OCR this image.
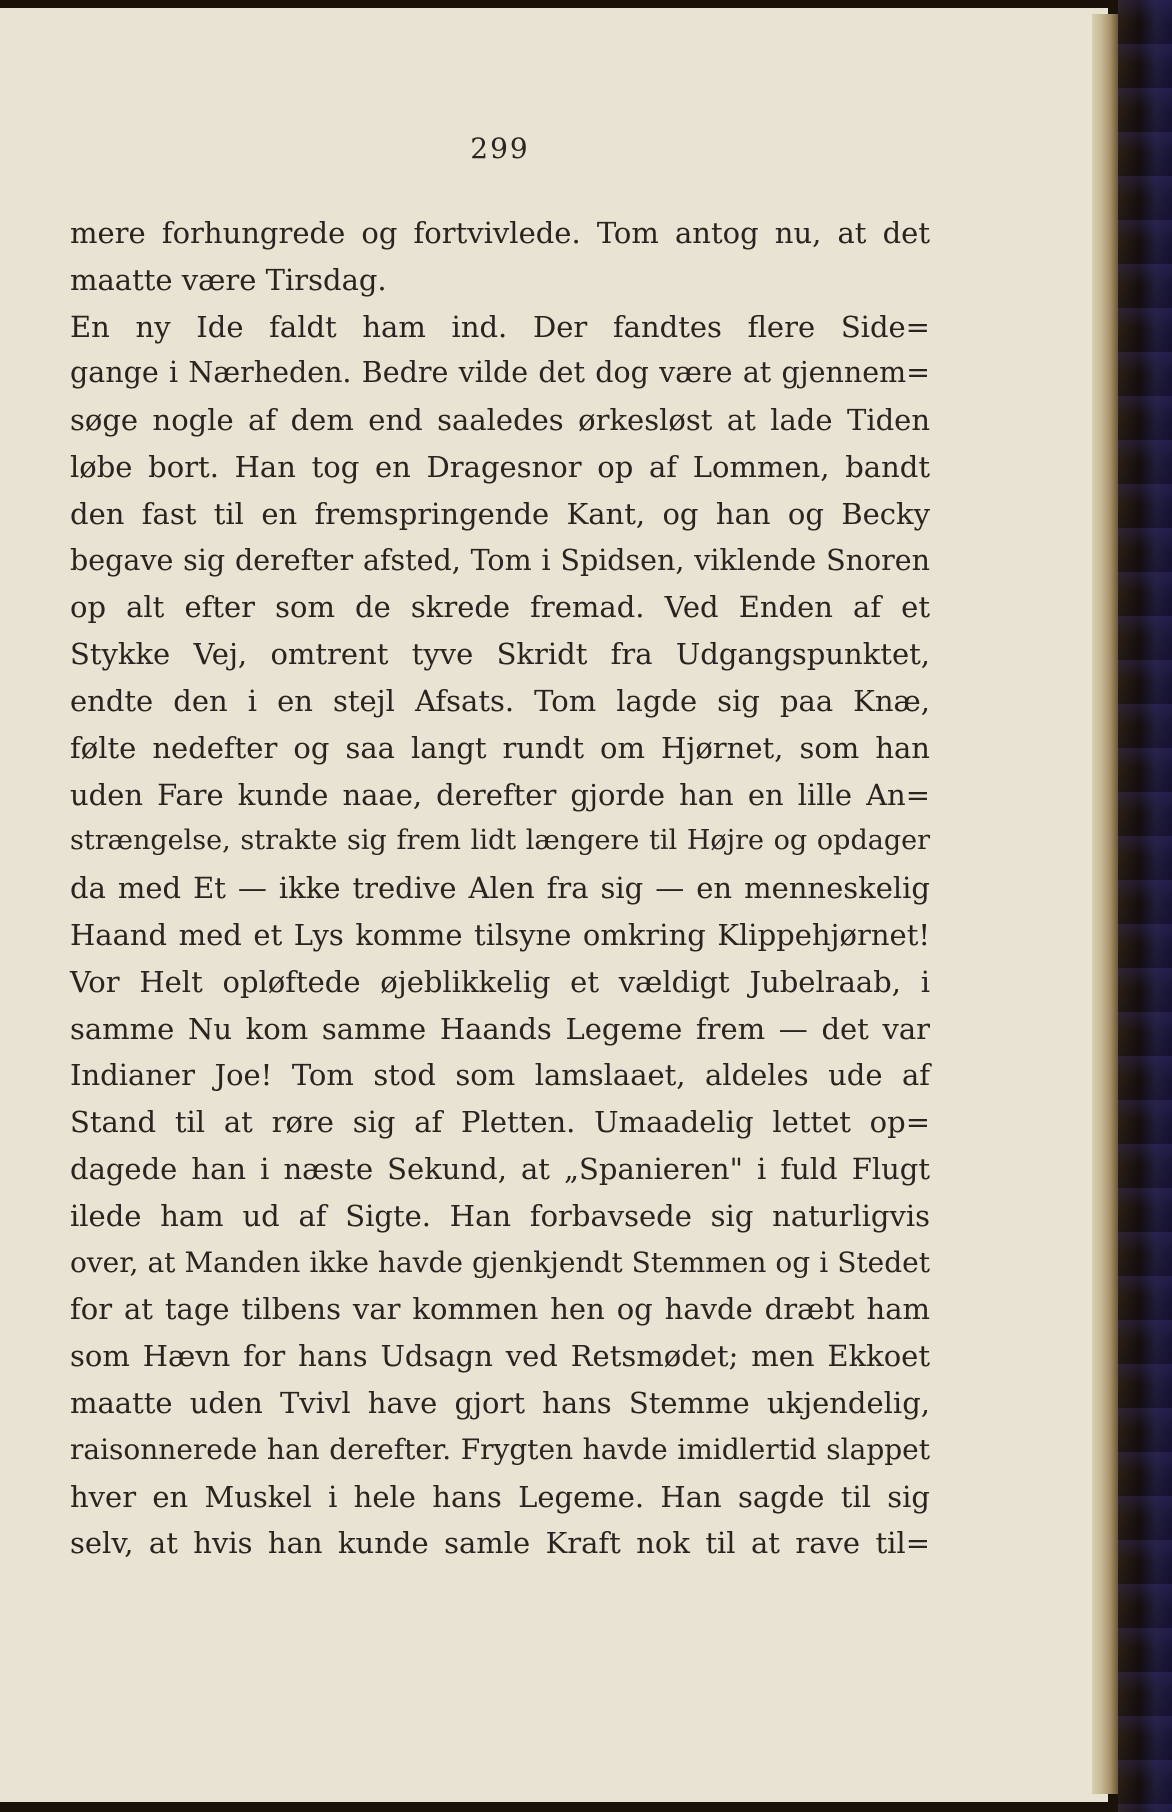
299
mere forhungrede og fortvivlede. Tom antog nu, at det
maatte være Tirsdag.
En ny Ide faldt ham ind. Der fandtes flere Side=
gange i Nærheden. Bedre vilde det dog være at gjennem=
søge nogle af dem end saaledes ørkesløst at lade Tiden
løbe bort. Han tog en Dragesnor op af Lommen, bandt
den fast til en fremspringende Kant, og han og Becky
begave sig derefter afsted, Tom i Spidsen, viklende Snoren
op alt efter som de skrede fremad. Ved Enden af et
Stykke Vej, omtrent tyve Skridt fra Udgangspunktet,
endte den i en stejl Afsats. Tom lagde sig paa Knæ,
følte nedefter og saa langt rundt om Hjørnet, som han
uden Fare kunde naae, derefter gjorde han en lille An=
strængelse, strakte sig frem lidt længere til Højre og opdager
da med Et — ikke tredive Alen fra sig — en menneskelig
Haand med et Lys komme tilsyne omkring Klippehjørnet!
Vor Helt opløftede øjeblikkelig et vældigt Jubelraab, i
samme Nu kom samme Haands Legeme frem — det var
Indianer Joe! Tom stod som lamslaaet, aldeles ude af
Stand til at røre sig af Pletten. Umaadelig lettet op=
dagede han i næste Sekund, at „Spanieren" i fuld Flugt
ilede ham ud af Sigte. Han forbavsede sig naturligvis
over, at Manden ikke havde gjenkjendt Stemmen og i Stedet
for at tage tilbens var kommen hen og havde dræbt ham
som Hævn for hans Udsagn ved Retsmødet; men Ekkoet
maatte uden Tvivl have gjort hans Stemme ukjendelig,
raisonnerede han derefter. Frygten havde imidlertid slappet
hver en Muskel i hele hans Legeme. Han sagde til sig
selv, at hvis han kunde samle Kraft nok til at rave til=
